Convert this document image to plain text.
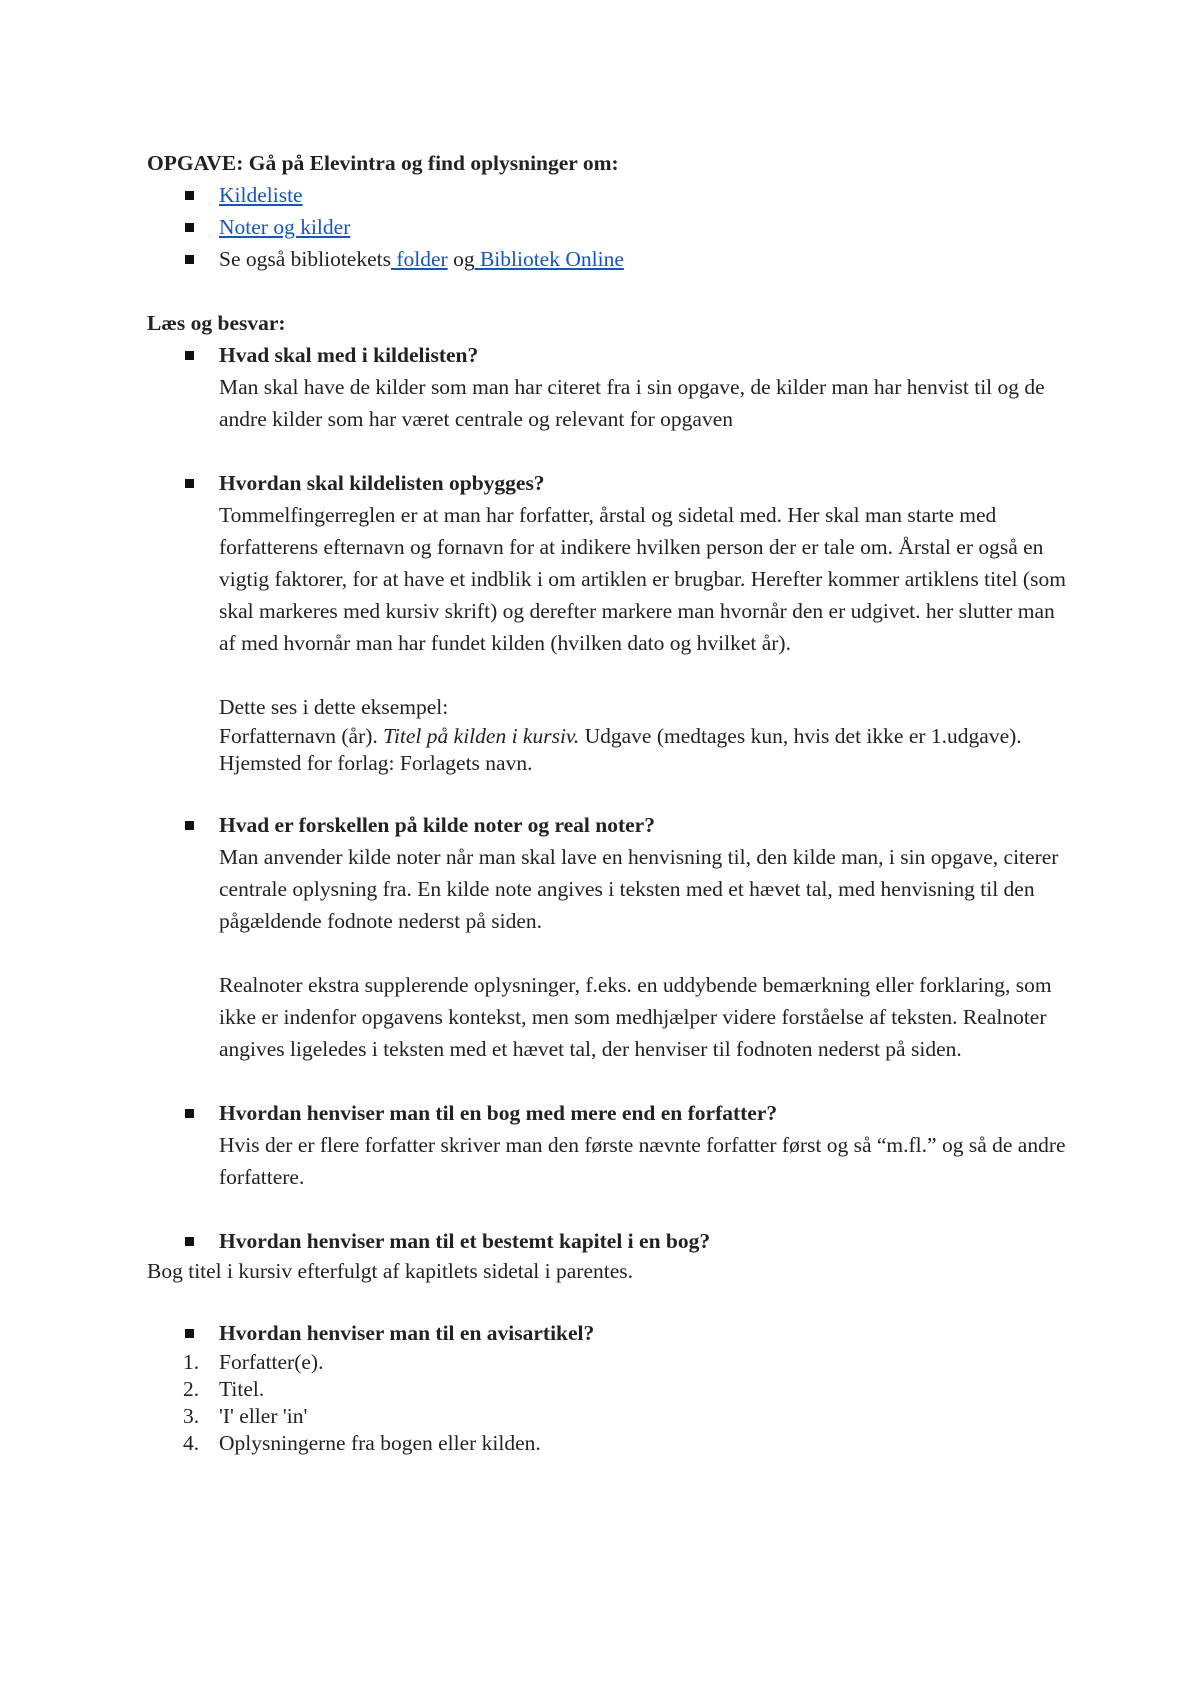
OPGAVE: Gå på Elevintra og find oplysninger om:

Kildeliste
Noter og kilder
Se også bibliotekets folder og Bibliotek Online

Læs og besvar:

Hvad skal med i kildelisten?

Man skal have de kilder som man har citeret fra i sin opgave, de kilder man har henvist til og de andre kilder som har været centrale og relevant for opgaven

Hvordan skal kildelisten opbygges?

Tommelfingerreglen er at man har forfatter, årstal og sidetal med. Her skal man starte med forfatterens efternavn og fornavn for at indikere hvilken person der er tale om. Årstal er også en vigtig faktorer, for at have et indblik i om artiklen er brugbar. Herefter kommer artiklens titel (som skal markeres med kursiv skrift) og derefter markere man hvornår den er udgivet. her slutter man af med hvornår man har fundet kilden (hvilken dato og hvilket år).

Dette ses i dette eksempel:

Forfatternavn (år). Titel på kilden i kursiv. Udgave (medtages kun, hvis det ikke er 1.udgave). Hjemsted for forlag: Forlagets navn.

Hvad er forskellen på kilde noter og real noter?

Man anvender kilde noter når man skal lave en henvisning til, den kilde man, i sin opgave, citerer centrale oplysning fra. En kilde note angives i teksten med et hævet tal, med henvisning til den pågældende fodnote nederst på siden.

Realnoter ekstra supplerende oplysninger, f.eks. en uddybende bemærkning eller forklaring, som ikke er indenfor opgavens kontekst, men som medhjælper videre forståelse af teksten. Realnoter angives ligeledes i teksten med et hævet tal, der henviser til fodnoten nederst på siden.

Hvordan henviser man til en bog med mere end en forfatter?

Hvis der er flere forfatter skriver man den første nævnte forfatter først og så “m.fl.” og så de andre forfattere.

Hvordan henviser man til et bestemt kapitel i en bog?

Bog titel i kursiv efterfulgt af kapitlets sidetal i parentes.

Hvordan henviser man til en avisartikel?
1. Forfatter(e).
2. Titel.
3. 'I' eller 'in'
4. Oplysningerne fra bogen eller kilden.
